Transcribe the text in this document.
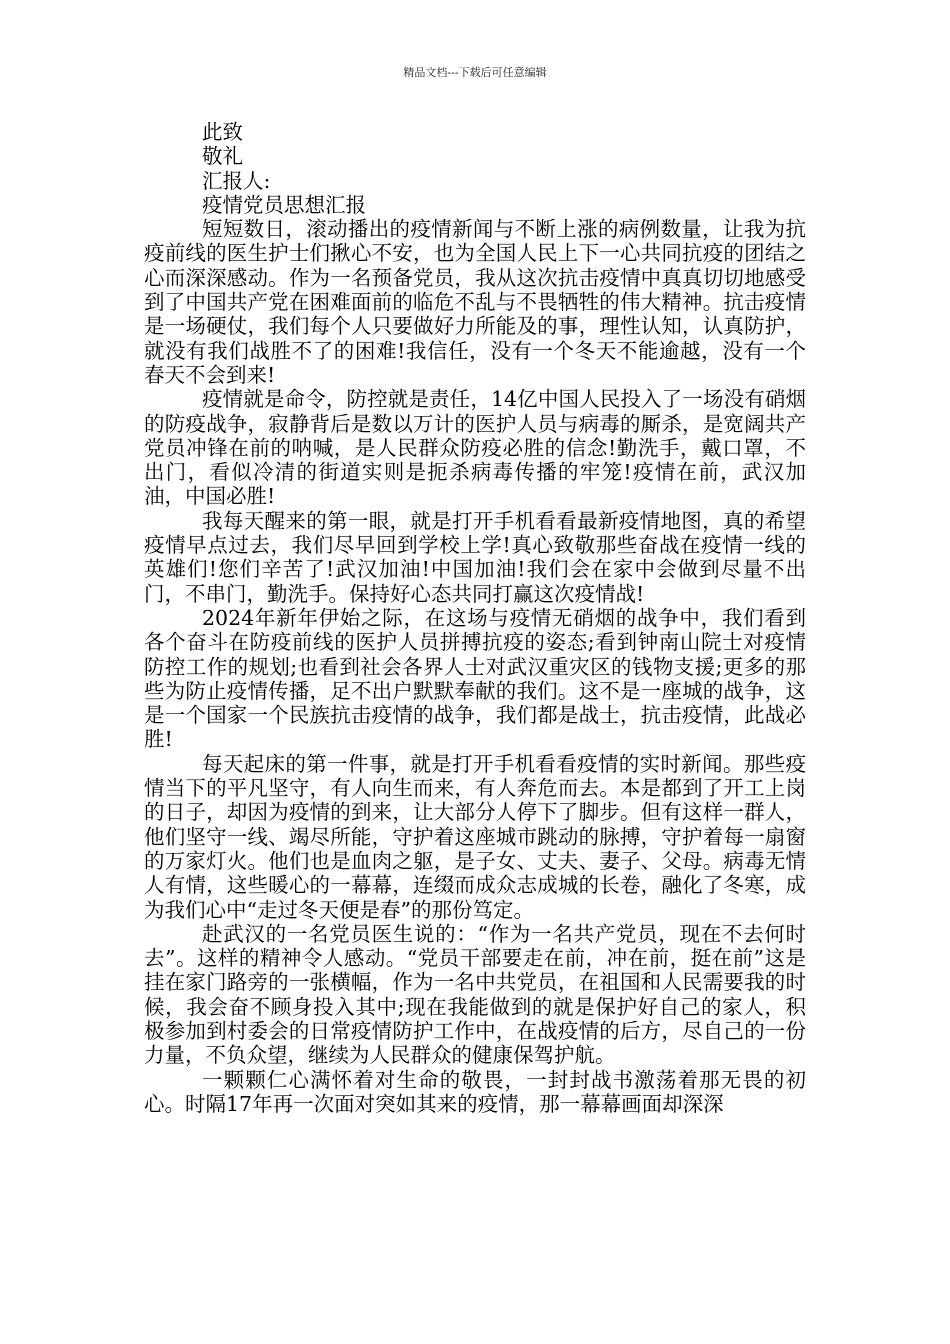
精品文档---下载后可任意编辑

此致

敬礼

汇报人:

疫情党员思想汇报

短短数日，滚动播出的疫情新闻与不断上涨的病例数量，让我为抗疫前线的医生护士们揪心不安，也为全国人民上下一心共同抗疫的团结之心而深深感动。作为一名预备党员，我从这次抗击疫情中真真切切地感受到了中国共产党在困难面前的临危不乱与不畏牺牲的伟大精神。抗击疫情是一场硬仗，我们每个人只要做好力所能及的事，理性认知，认真防护，就没有我们战胜不了的困难!我信任，没有一个冬天不能逾越，没有一个春天不会到来!

疫情就是命令，防控就是责任，14亿中国人民投入了一场没有硝烟的防疫战争，寂静背后是数以万计的医护人员与病毒的厮杀，是宽阔共产党员冲锋在前的呐喊，是人民群众防疫必胜的信念!勤洗手，戴口罩，不出门，看似冷清的街道实则是扼杀病毒传播的牢笼!疫情在前，武汉加油，中国必胜!

我每天醒来的第一眼，就是打开手机看看最新疫情地图，真的希望疫情早点过去，我们尽早回到学校上学!真心致敬那些奋战在疫情一线的英雄们!您们辛苦了!武汉加油!中国加油!我们会在家中会做到尽量不出门，不串门，勤洗手。保持好心态共同打赢这次疫情战!

2024年新年伊始之际，在这场与疫情无硝烟的战争中，我们看到各个奋斗在防疫前线的医护人员拼搏抗疫的姿态;看到钟南山院士对疫情防控工作的规划;也看到社会各界人士对武汉重灾区的钱物支援;更多的那些为防止疫情传播，足不出户默默奉献的我们。这不是一座城的战争，这是一个国家一个民族抗击疫情的战争，我们都是战士，抗击疫情，此战必胜!

每天起床的第一件事，就是打开手机看看疫情的实时新闻。那些疫情当下的平凡坚守，有人向生而来，有人奔危而去。本是都到了开工上岗的日子，却因为疫情的到来，让大部分人停下了脚步。但有这样一群人，他们坚守一线、竭尽所能，守护着这座城市跳动的脉搏，守护着每一扇窗的万家灯火。他们也是血肉之躯，是子女、丈夫、妻子、父母。病毒无情人有情，这些暖心的一幕幕，连缀而成众志成城的长卷，融化了冬寒，成为我们心中“走过冬天便是春”的那份笃定。

赴武汉的一名党员医生说的：“作为一名共产党员，现在不去何时去”。这样的精神令人感动。“党员干部要走在前，冲在前，挺在前”这是挂在家门路旁的一张横幅，作为一名中共党员，在祖国和人民需要我的时候，我会奋不顾身投入其中;现在我能做到的就是保护好自己的家人，积极参加到村委会的日常疫情防护工作中，在战疫情的后方，尽自己的一份力量，不负众望，继续为人民群众的健康保驾护航。

一颗颗仁心满怀着对生命的敬畏，一封封战书激荡着那无畏的初心。时隔17年再一次面对突如其来的疫情，那一幕幕画面却深深
